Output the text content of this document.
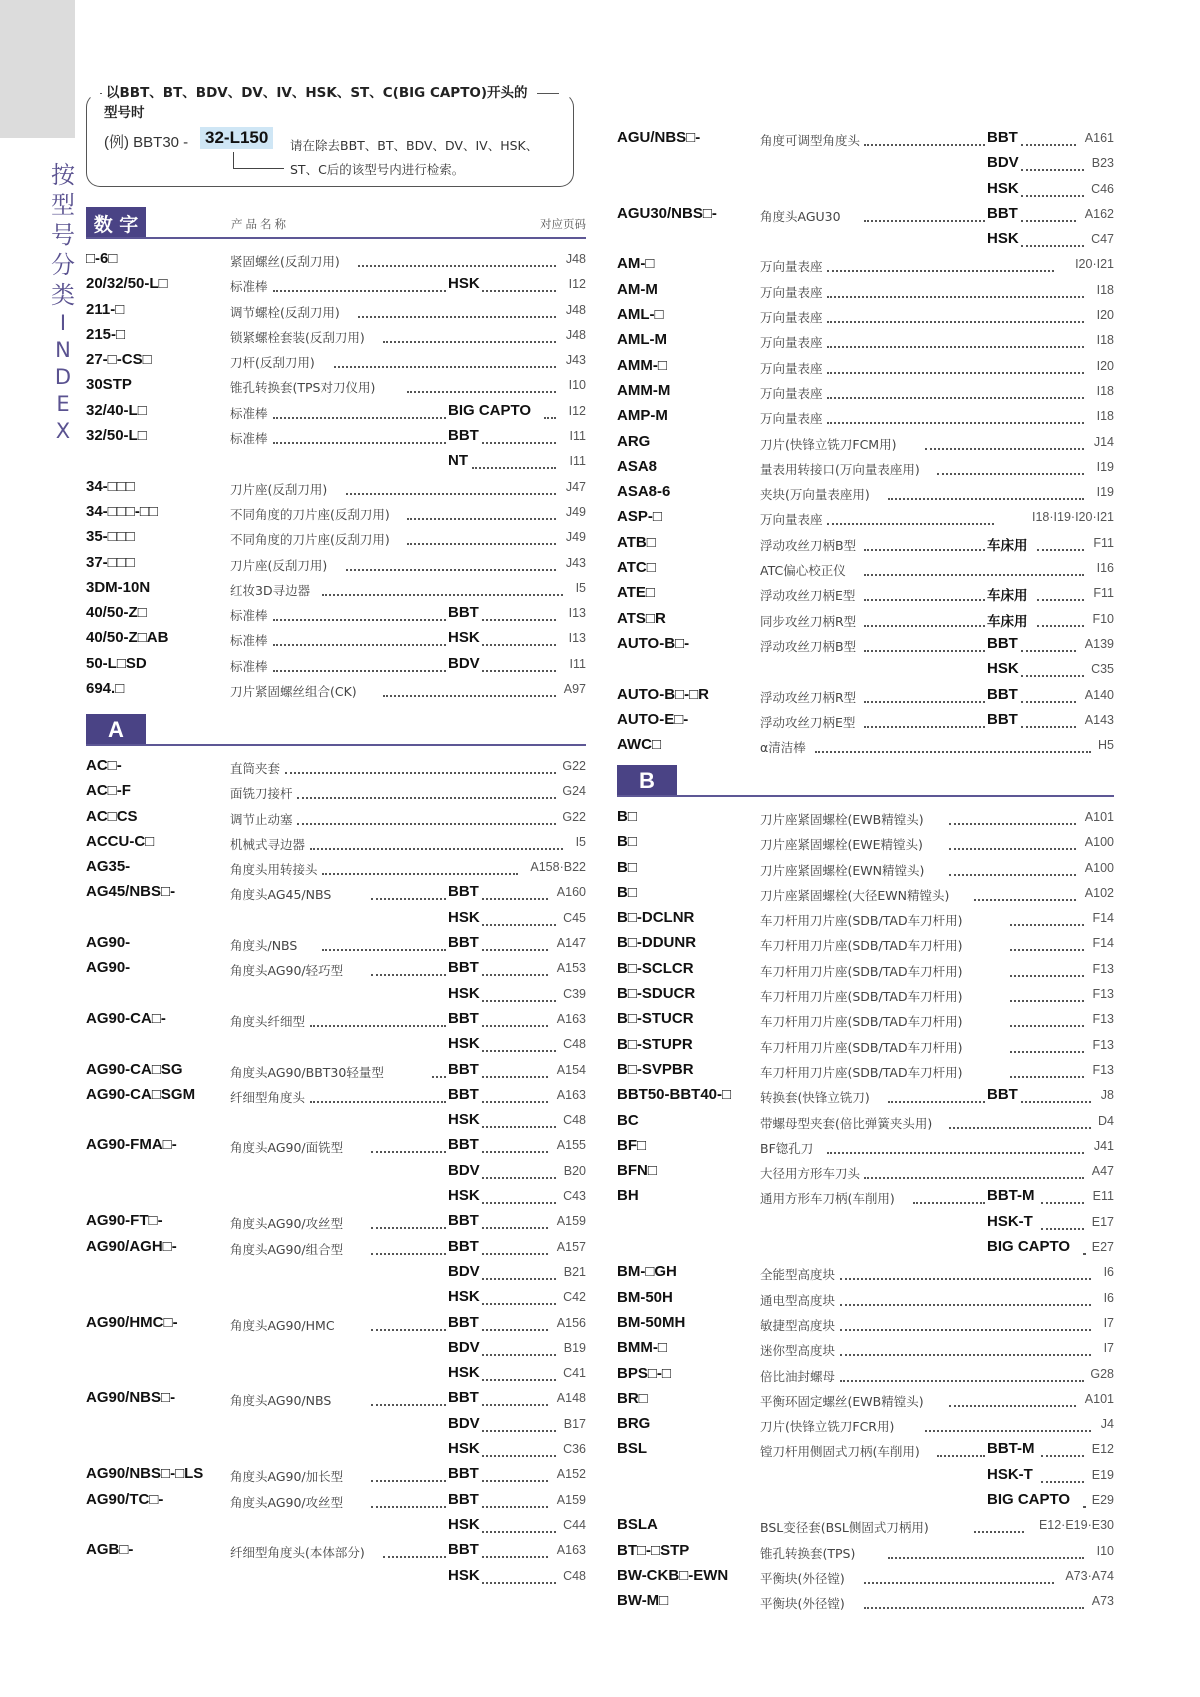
按
型
号
分
类
I
N
D
E
X
以BBT、BT、BDV、DV、IV、HSK、ST、C(BIG CAPTO)开头的
型号时
(例) BBT30 - 32-L150	请在除去BBT、BT、BDV、DV、IV、HSK、
ST、C后的该型号内进行检索。
数 字	产品名称	对应页码
□-6□	紧固螺丝(反刮刀用)	J48
20/32/50-L□	标准棒	HSK	I12
211-□	调节螺栓(反刮刀用)	J48
215-□	锁紧螺栓套装(反刮刀用)	J48
27-□-CS□	刀杆(反刮刀用)	J43
30STP	锥孔转换套(TPS对刀仪用)	I10
32/40-L□	标准棒	BIG CAPTO	I12
32/50-L□	标准棒	BBT	I11
NT	I11
34-□□□	刀片座(反刮刀用)	J47
34-□□□-□□	不同角度的刀片座(反刮刀用)	J49
35-□□□	不同角度的刀片座(反刮刀用)	J49
37-□□□	刀片座(反刮刀用)	J43
3DM-10N	红妆3D寻边器	I5
40/50-Z□	标准棒	BBT	I13
40/50-Z□AB	标准棒	HSK	I13
50-L□SD	标准棒	BDV	I11
694.□	刀片紧固螺丝组合(CK)	A97
A
AC□-	直筒夹套	G22
AC□-F	面铣刀接杆	G24
AC□CS	调节止动塞	G22
ACCU-C□	机械式寻边器	I5
AG35-	角度头用转接头	A158·B22
AG45/NBS□-	角度头AG45/NBS	BBT	A160
HSK	C45
AG90-	角度头/NBS	BBT	A147
AG90-	角度头AG90/轻巧型	BBT	A153
HSK	C39
AG90-CA□-	角度头纤细型	BBT	A163
HSK	C48
AG90-CA□SG	角度头AG90/BBT30轻量型	BBT	A154
AG90-CA□SGM	纤细型角度头	BBT	A163
HSK	C48
AG90-FMA□-	角度头AG90/面铣型	BBT	A155
BDV	B20
HSK	C43
AG90-FT□-	角度头AG90/攻丝型	BBT	A159
AG90/AGH□-	角度头AG90/组合型	BBT	A157
BDV	B21
HSK	C42
AG90/HMC□-	角度头AG90/HMC	BBT	A156
BDV	B19
HSK	C41
AG90/NBS□-	角度头AG90/NBS	BBT	A148
BDV	B17
HSK	C36
AG90/NBS□-□LS 角度头AG90/加长型	BBT	A152
AG90/TC□-	角度头AG90/攻丝型	BBT	A159
HSK	C44
AGB□-	纤细型角度头(本体部分)	BBT	A163
HSK	C48
AGU/NBS□-	角度可调型角度头	BBT	A161
BDV	B23
HSK	C46
AGU30/NBS□-	角度头AGU30	BBT	A162
HSK	C47
AM-□	万向量表座	I20·I21
AM-M	万向量表座	I18
AML-□	万向量表座	I20
AML-M	万向量表座	I18
AMM-□	万向量表座	I20
AMM-M	万向量表座	I18
AMP-M	万向量表座	I18
ARG	刀片(快锋立铣刀FCM用)	J14
ASA8	量表用转接口(万向量表座用)	I19
ASA8-6	夹块(万向量表座用)	I19
ASP-□	万向量表座	I18·I19·I20·I21
ATB□	浮动攻丝刀柄B型	车床用	F11
ATC□	ATC偏心校正仪	I16
ATE□	浮动攻丝刀柄E型	车床用	F11
ATS□R	同步攻丝刀柄R型	车床用	F10
AUTO-B□-	浮动攻丝刀柄B型	BBT	A139
HSK	C35
AUTO-B□-□R	浮动攻丝刀柄R型	BBT	A140
AUTO-E□-	浮动攻丝刀柄E型	BBT	A143
AWC□	α清洁棒	H5
B
B□	刀片座紧固螺栓(EWB精镗头)	A101
B□	刀片座紧固螺栓(EWE精镗头)	A100
B□	刀片座紧固螺栓(EWN精镗头)	A100
B□	刀片座紧固螺栓(大径EWN精镗头)	A102
B□-DCLNR	车刀杆用刀片座(SDB/TAD车刀杆用)	F14
B□-DDUNR	车刀杆用刀片座(SDB/TAD车刀杆用)	F14
B□-SCLCR	车刀杆用刀片座(SDB/TAD车刀杆用)	F13
B□-SDUCR	车刀杆用刀片座(SDB/TAD车刀杆用)	F13
B□-STUCR	车刀杆用刀片座(SDB/TAD车刀杆用)	F13
B□-STUPR	车刀杆用刀片座(SDB/TAD车刀杆用)	F13
B□-SVPBR	车刀杆用刀片座(SDB/TAD车刀杆用)	F13
BBT50-BBT40-□ 转换套(快锋立铣刀)	BBT	J8
BC	带螺母型夹套(倍比弹簧夹头用)	D4
BF□	BF锪孔刀	J41
BFN□	大径用方形车刀头	A47
BH	通用方形车刀柄(车削用)	BBT-M	E11
HSK-T	E17
BIG CAPTO E27
BM-□GH	全能型高度块	I6
BM-50H	通电型高度块	I6
BM-50MH	敏捷型高度块	I7
BMM-□	迷你型高度块	I7
BPS□-□	倍比油封螺母	G28
BR□	平衡环固定螺丝(EWB精镗头)	A101
BRG	刀片(快锋立铣刀FCR用)	J4
BSL	镗刀杆用侧固式刀柄(车削用)	BBT-M	E12
HSK-T	E19
BIG CAPTO E29
BSLA	BSL变径套(BSL侧固式刀柄用)	E12·E19·E30
BT□-□STP	锥孔转换套(TPS)	I10
BW-CKB□-EWN	平衡块(外径镗)	A73·A74
BW-M□	平衡块(外径镗)	A73
